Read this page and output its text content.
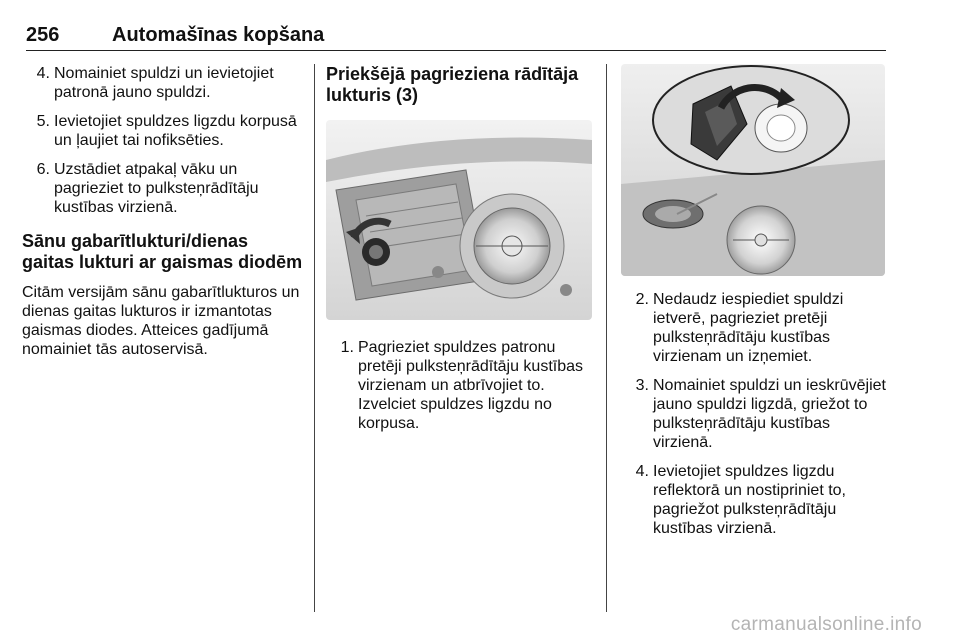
256	Automašīnas kopšana
4. Nomainiet spuldzi un ievietojiet patronā jauno spuldzi.
5. Ievietojiet spuldzes ligzdu korpusā un ļaujiet tai nofiksēties.
6. Uzstādiet atpakaļ vāku un pagrieziet to pulksteņrādītāju kustības virzienā.
Sānu gabarītlukturi/dienas gaitas lukturi ar gaismas diodēm

Citām versijām sānu gabarītlukturos un dienas gaitas lukturos ir izmantotas gaismas diodes. Atteices gadījumā nomainiet tās autoservisā.

Priekšējā pagrieziena rādītāja lukturis (3)
1. Pagrieziet spuldzes patronu pretēji pulksteņrādītāju kustības virzienam un atbrīvojiet to. Izvelciet spuldzes ligzdu no korpusa.
2. Nedaudz iespiediet spuldzi ietverē, pagrieziet pretēji pulksteņrādītāju kustības virzienam un izņemiet.
3. Nomainiet spuldzi un ieskrūvējiet jauno spuldzi ligzdā, griežot to pulksteņrādītāju kustības virzienā.
4. Ievietojiet spuldzes ligzdu reflektorā un nostipriniet to, pagriežot pulksteņrādītāju kustības virzienā.
carmanualsonline.info
